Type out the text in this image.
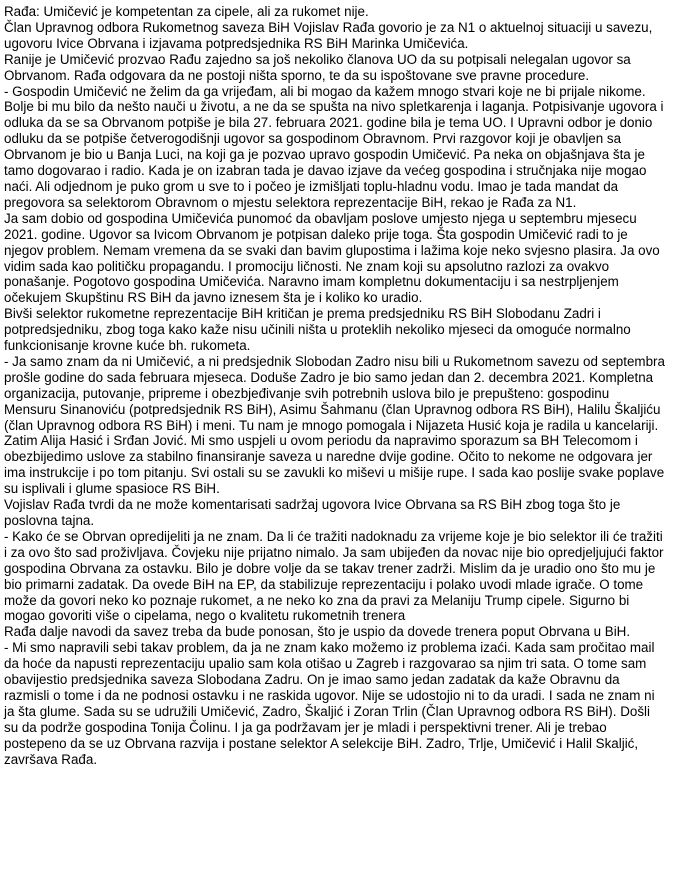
Rađa: Umičević je kompetentan za cipele, ali za rukomet nije.

Član Upravnog odbora Rukometnog saveza BiH Vojislav Rađa govorio je za N1 o aktuelnoj situaciji u savezu, ugovoru Ivice Obrvana i izjavama potpredsjednika RS BiH Marinka Umičevića.

Ranije je Umičević prozvao Rađu zajedno sa još nekoliko članova UO da su potpisali nelegalan ugovor sa Obrvanom. Rađa odgovara da ne postoji ništa sporno, te da su ispoštovane sve pravne procedure.

- Gospodin Umičević ne želim da ga vrijeđam, ali bi mogao da kažem mnogo stvari koje ne bi prijale nikome. Bolje bi mu bilo da nešto nauči u životu, a ne da se spušta na nivo spletkarenja i laganja. Potpisivanje ugovora i odluka da se sa Obrvanom potpiše je bila 27. februara 2021. godine bila je tema UO. I Upravni odbor je donio odluku da se potpiše četverogodišnji ugovor sa gospodinom Obravnom. Prvi razgovor koji je obavljen sa Obrvanom je bio u Banja Luci, na koji ga je pozvao upravo gospodin Umičević. Pa neka on objašnjava šta je tamo dogovarao i radio. Kada je on izabran tada je davao izjave da većeg gospodina i stručnjaka nije mogao naći. Ali odjednom je puko grom u sve to i počeo je izmišljati toplu-hladnu vodu. Imao je tada mandat da pregovora sa selektorom Obravnom o mjestu selektora reprezentacije BiH, rekao je Rađa za N1.

Ja sam dobio od gospodina Umičevića punomoć da obavljam poslove umjesto njega u septembru mjesecu 2021. godine. Ugovor sa Ivicom Obrvanom je potpisan daleko prije toga. Šta gospodin Umičević radi to je njegov problem. Nemam vremena da se svaki dan bavim glupostima i lažima koje neko svjesno plasira. Ja ovo vidim sada kao političku propagandu. I promociju ličnosti. Ne znam koji su apsolutno razlozi za ovakvo ponašanje. Pogotovo gospodina Umičevića. Naravno imam kompletnu dokumentaciju i sa nestrpljenjem očekujem Skupštinu RS BiH da javno iznesem šta je i koliko ko uradio.

Bivši selektor rukometne reprezentacije BiH kritičan je prema predsjedniku RS BiH Slobodanu Zadri i potpredsjedniku, zbog toga kako kaže nisu učinili ništa u proteklih nekoliko mjeseci da omoguće normalno funkcionisanje krovne kuće bh. rukometa.

- Ja samo znam da ni Umičević, a ni predsjednik Slobodan Zadro nisu bili u Rukometnom savezu od septembra prošle godine do sada februara mjeseca. Doduše Zadro je bio samo jedan dan 2. decembra 2021. Kompletna organizacija, putovanje, pripreme i obezbjeđivanje svih potrebnih uslova bilo je prepušteno: gospodinu Mensuru Sinanoviću (potpredsjednik RS BiH), Asimu Šahmanu (član Upravnog odbora RS BiH), Halilu Škaljiću (član Upravnog odbora RS BiH) i meni. Tu nam je mnogo pomogala i Nijazeta Husić koja je radila u kancelariji. Zatim Alija Hasić i Srđan Jović. Mi smo uspjeli u ovom periodu da napravimo sporazum sa BH Telecomom i obezbijedimo uslove za stabilno finansiranje saveza u naredne dvije godine. Očito to nekome ne odgovara jer ima instrukcije i po tom pitanju. Svi ostali su se zavukli ko miševi u mišije rupe. I sada kao poslije svake poplave su isplivali i glume spasioce RS BiH.

Vojislav Rađa tvrdi da ne može komentarisati sadržaj ugovora Ivice Obrvana sa RS BiH zbog toga što je poslovna tajna.

- Kako će se Obrvan opredijeliti ja ne znam. Da li će tražiti nadoknadu za vrijeme koje je bio selektor ili će tražiti i za ovo što sad proživljava. Čovjeku nije prijatno nimalo. Ja sam ubijeđen da novac nije bio opredjeljujući faktor gospodina Obrvana za ostavku. Bilo je dobre volje da se takav trener zadrži. Mislim da je uradio ono što mu je bio primarni zadatak. Da ovede BiH na EP, da stabilizuje reprezentaciju i polako uvodi mlade igrače. O tome može da govori neko ko poznaje rukomet, a ne neko ko zna da pravi za Melaniju Trump cipele. Sigurno bi mogao govoriti više o cipelama, nego o kvalitetu rukometnih trenera

Rađa dalje navodi da savez treba da bude ponosan, što je uspio da dovede trenera poput Obrvana u BiH.

- Mi smo napravili sebi takav problem, da ja ne znam kako možemo iz problema izaći. Kada sam pročitao mail da hoće da napusti reprezentaciju upalio sam kola otišao u Zagreb i razgovarao sa njim tri sata. O tome sam obavijestio predsjednika saveza Slobodana Zadru. On je imao samo jedan zadatak da kaže Obravnu da razmisli o tome i da ne podnosi ostavku i ne raskida ugovor. Nije se udostojio ni to da uradi. I sada ne znam ni ja šta glume. Sada su se udružili Umičević, Zadro, Škaljić i Zoran Trlin (Član Upravnog odbora RS BiH). Došli su da podrže gospodina Tonija Čolinu. I ja ga podržavam jer je mladi i perspektivni trener. Ali je trebao postepeno da se uz Obrvana razvija i postane selektor A selekcije BiH. Zadro, Trlje, Umičević i Halil Skaljić, završava Rađa.
